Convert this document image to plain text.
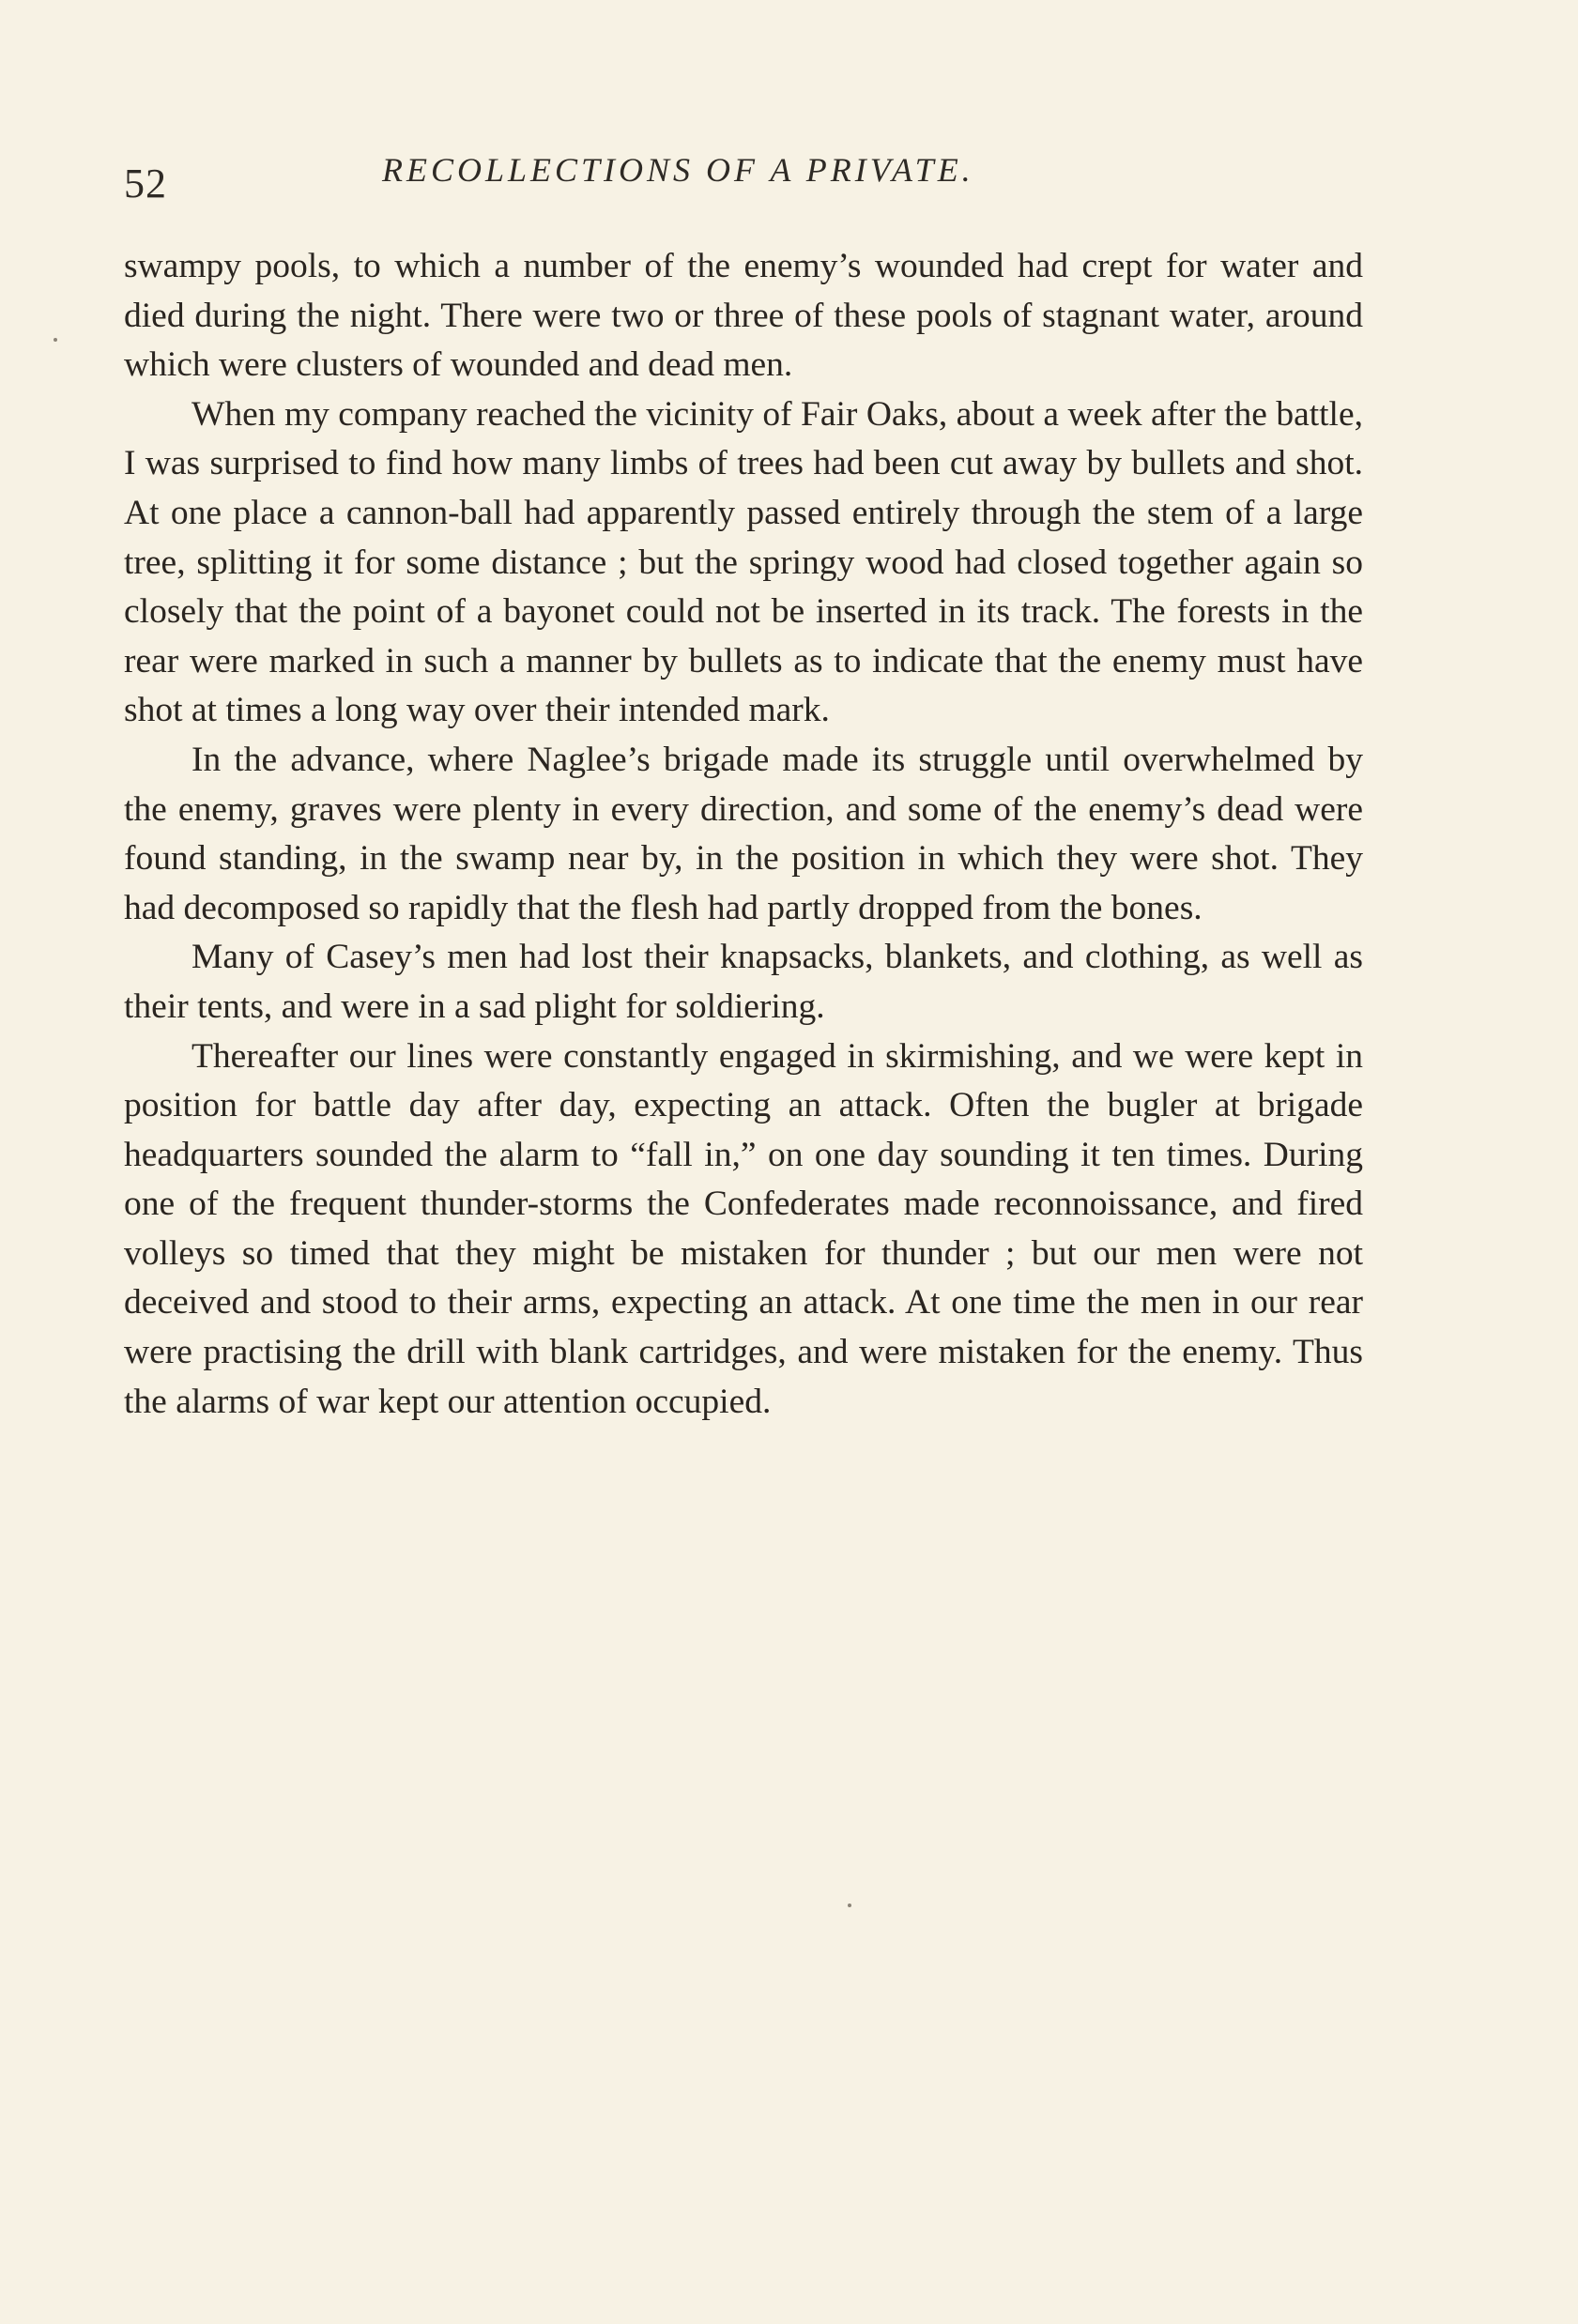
52	RECOLLECTIONS OF A PRIVATE.

swampy pools, to which a number of the enemy’s wounded had crept for water and died during the night. There were two or three of these pools of stagnant water, around which were clusters of wounded and dead men.

When my company reached the vicinity of Fair Oaks, about a week after the battle, I was surprised to find how many limbs of trees had been cut away by bullets and shot. At one place a cannon-ball had apparently passed entirely through the stem of a large tree, splitting it for some distance ; but the springy wood had closed together again so closely that the point of a bayonet could not be inserted in its track. The forests in the rear were marked in such a manner by bullets as to indicate that the enemy must have shot at times a long way over their intended mark.

In the advance, where Naglee’s brigade made its struggle until overwhelmed by the enemy, graves were plenty in every direction, and some of the enemy’s dead were found standing, in the swamp near by, in the position in which they were shot. They had decomposed so rapidly that the flesh had partly dropped from the bones.

Many of Casey’s men had lost their knapsacks, blankets, and clothing, as well as their tents, and were in a sad plight for soldiering.

Thereafter our lines were constantly engaged in skirmishing, and we were kept in position for battle day after day, expecting an attack. Often the bugler at brigade headquarters sounded the alarm to “fall in,” on one day sounding it ten times. During one of the frequent thunder-storms the Confederates made reconnoissance, and fired volleys so timed that they might be mistaken for thunder ; but our men were not deceived and stood to their arms, expecting an attack. At one time the men in our rear were practising the drill with blank cartridges, and were mistaken for the enemy. Thus the alarms of war kept our attention occupied.
